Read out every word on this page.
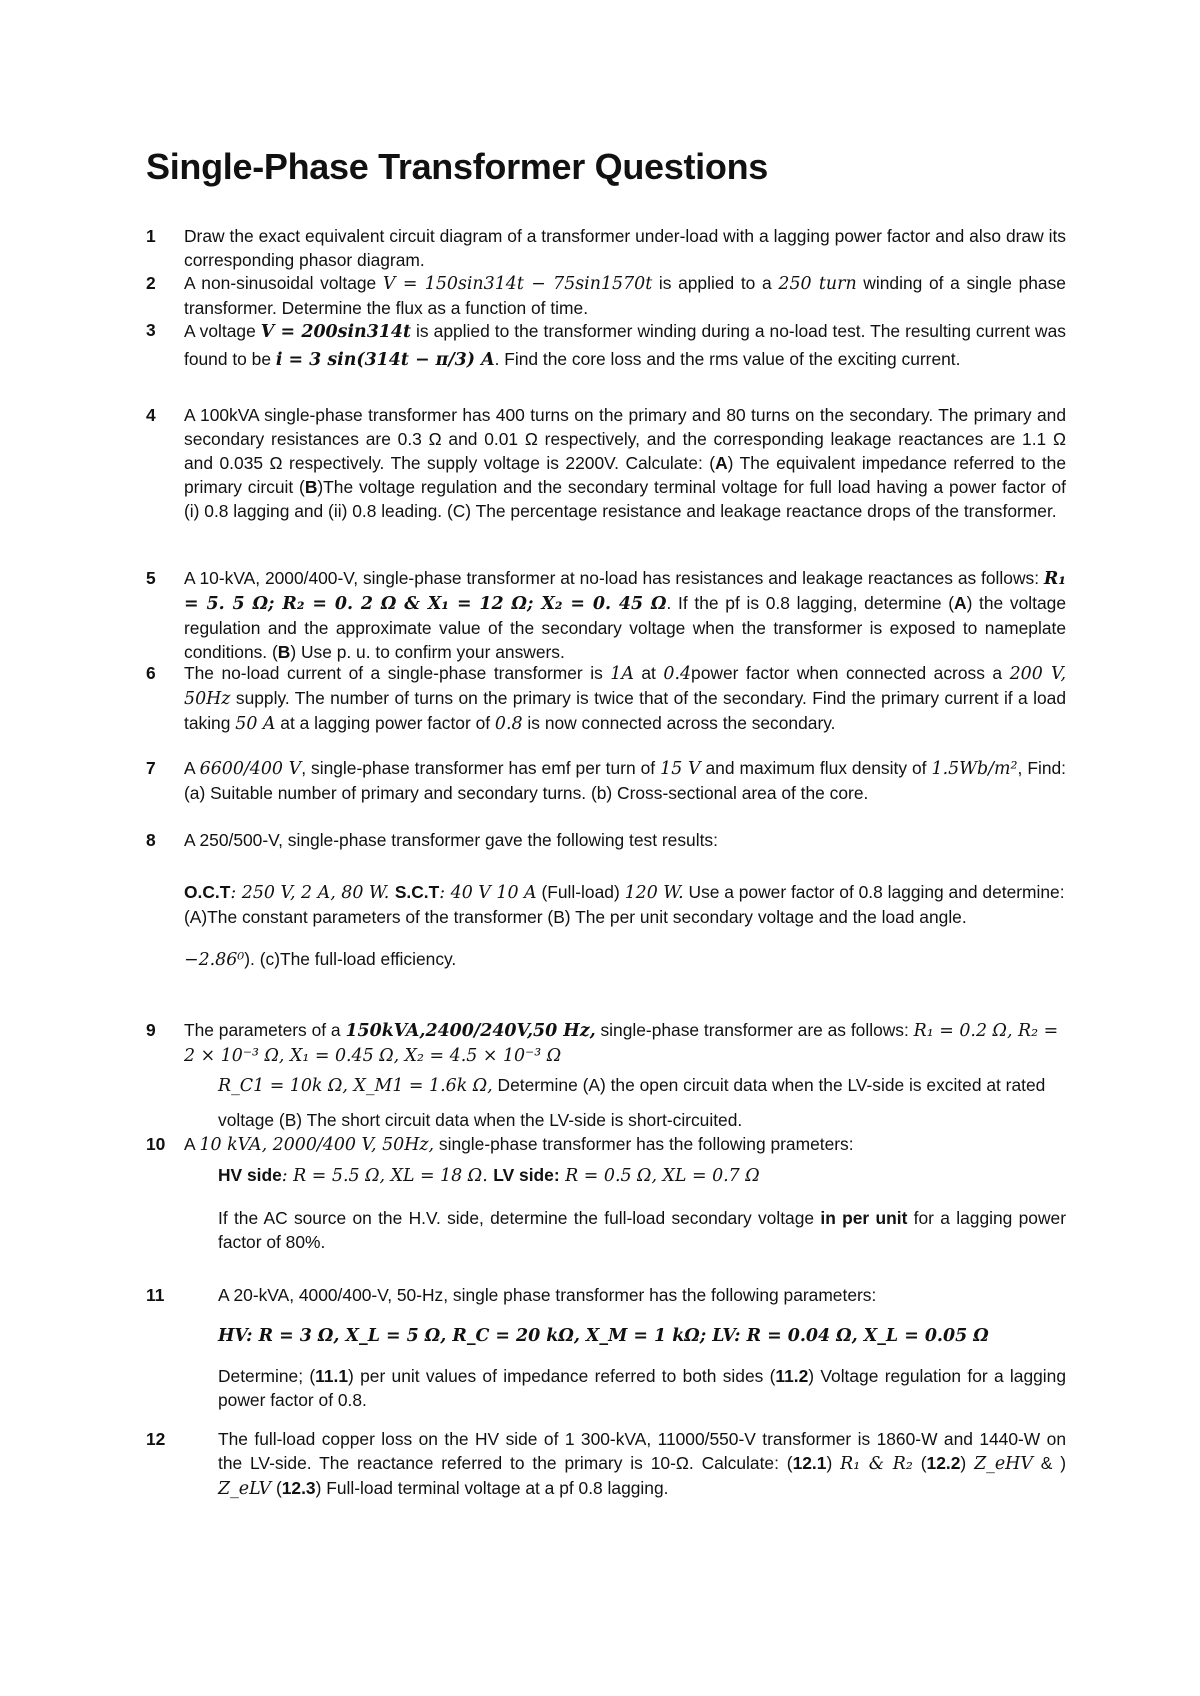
Single-Phase Transformer Questions
1 Draw the exact equivalent circuit diagram of a transformer under-load with a lagging power factor and also draw its corresponding phasor diagram.

2 A non-sinusoidal voltage V = 150sin314t − 75sin1570t is applied to a 250 turn winding of a single phase transformer. Determine the flux as a function of time.

3 A voltage V = 200sin314t is applied to the transformer winding during a no-load test. The resulting current was found to be i = 3 sin(314t − π/3) A. Find the core loss and the rms value of the exciting current.

4 A 100kVA single-phase transformer has 400 turns on the primary and 80 turns on the secondary. The primary and secondary resistances are 0.3 Ω and 0.01 Ω respectively, and the corresponding leakage reactances are 1.1 Ω and 0.035 Ω respectively. The supply voltage is 2200V. Calculate: (A) The equivalent impedance referred to the primary circuit (B)The voltage regulation and the secondary terminal voltage for full load having a power factor of (i) 0.8 lagging and (ii) 0.8 leading. (C) The percentage resistance and leakage reactance drops of the transformer.

5 A 10-kVA, 2000/400-V, single-phase transformer at no-load has resistances and leakage reactances as follows: R₁ = 5. 5 Ω; R₂ = 0. 2 Ω & X₁ = 12 Ω; X₂ = 0. 45 Ω. If the pf is 0.8 lagging, determine (A) the voltage regulation and the approximate value of the secondary voltage when the transformer is exposed to nameplate conditions. (B) Use p. u. to confirm your answers.

6 The no-load current of a single-phase transformer is 1A at 0.4power factor when connected across a 200 V, 50Hz supply. The number of turns on the primary is twice that of the secondary. Find the primary current if a load taking 50 A at a lagging power factor of 0.8 is now connected across the secondary.

7 A 6600/400 V, single-phase transformer has emf per turn of 15 V and maximum flux density of 1.5Wb/m², Find: (a) Suitable number of primary and secondary turns. (b) Cross-sectional area of the core.

8 A 250/500-V, single-phase transformer gave the following test results:

O.C.T: 250 V, 2 A, 80 W. S.C.T: 40 V 10 A (Full-load) 120 W. Use a power factor of 0.8 lagging and determine: (A)The constant parameters of the transformer (B) The per unit secondary voltage and the load angle.

−2.86⁰). (c)The full-load efficiency.

9 The parameters of a 150kVA,2400/240V,50 Hz, single-phase transformer are as follows: R₁ = 0.2 Ω, R₂ = 2 × 10⁻³ Ω, X₁ = 0.45 Ω, X₂ = 4.5 × 10⁻³ Ω

R_C1 = 10k Ω, X_M1 = 1.6k Ω, Determine (A) the open circuit data when the LV-side is excited at rated voltage (B) The short circuit data when the LV-side is short-circuited.

10 A 10 kVA, 2000/400 V, 50Hz, single-phase transformer has the following prameters:

HV side: R = 5.5 Ω, XL = 18 Ω. LV side: R = 0.5 Ω, XL = 0.7 Ω

If the AC source on the H.V. side, determine the full-load secondary voltage in per unit for a lagging power factor of 80%.

11	A 20-kVA, 4000/400-V, 50-Hz, single phase transformer has the following parameters:

HV: R = 3 Ω, X_L = 5 Ω, R_C = 20 kΩ, X_M = 1 kΩ; LV: R = 0.04 Ω, X_L = 0.05 Ω

Determine; (11.1) per unit values of impedance referred to both sides (11.2) Voltage regulation for a lagging power factor of 0.8.

12	The full-load copper loss on the HV side of 1 300-kVA, 11000/550-V transformer is 1860-W and 1440-W on the LV-side. The reactance referred to the primary is 10-Ω. Calculate: (12.1) R₁ & R₂ (12.2) Z_eHV & ) Z_eLV (12.3) Full-load terminal voltage at a pf 0.8 lagging.
